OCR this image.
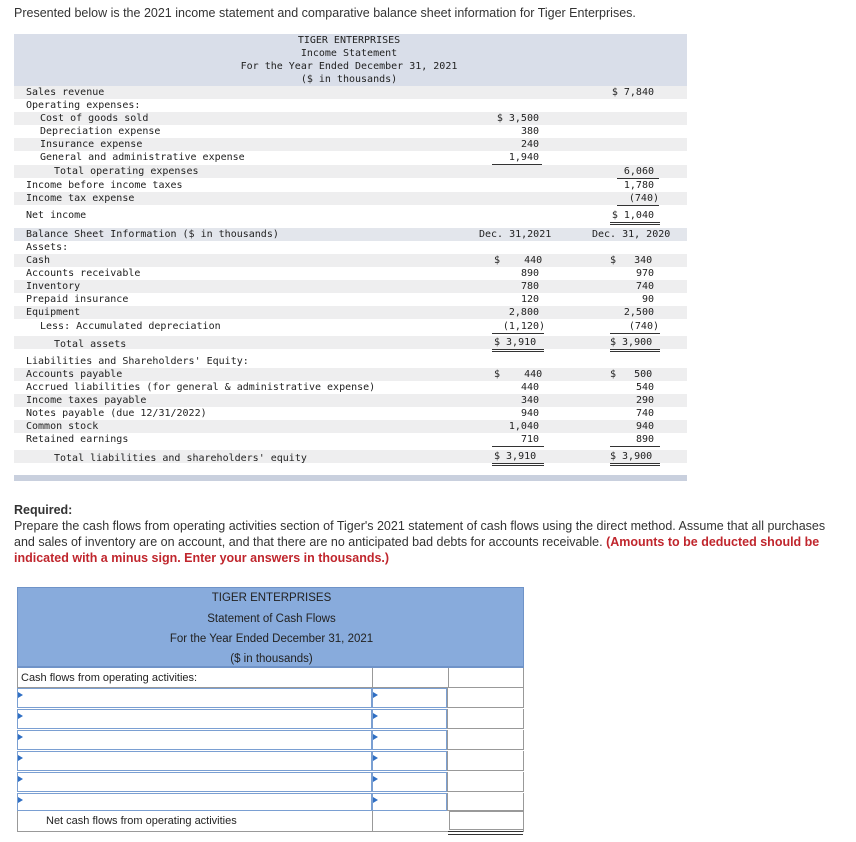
Presented below is the 2021 income statement and comparative balance sheet information for Tiger Enterprises.
TIGER ENTERPRISES
Income Statement
For the Year Ended December 31, 2021
($ in thousands)
Sales revenue	$ 7,840
Operating expenses:
Cost of goods sold	$ 3,500
Depreciation expense	380
Insurance expense	240
General and administrative expense	1,940
Total operating expenses	6,060
Income before income taxes	1,780
Income tax expense	(740)
Net income	$ 1,040
Balance Sheet Information ($ in thousands)	Dec. 31,2021	Dec. 31, 2020
Assets:
Cash	$    440	$   340
Accounts receivable	890	970
Inventory	780	740
Prepaid insurance	120	90
Equipment	2,800	2,500
Less: Accumulated depreciation	(1,120)	(740)
Total assets	$ 3,910	$ 3,900
Liabilities and Shareholders' Equity:
Accounts payable	$    440	$   500
Accrued liabilities (for general & administrative expense)	440	540
Income taxes payable	340	290
Notes payable (due 12/31/2022)	940	740
Common stock	1,040	940
Retained earnings	710	890
Total liabilities and shareholders' equity	$ 3,910	$ 3,900
Required:
Prepare the cash flows from operating activities section of Tiger's 2021 statement of cash flows using the direct method. Assume that all purchases and sales of inventory are on account, and that there are no anticipated bad debts for accounts receivable. (Amounts to be deducted should be indicated with a minus sign. Enter your answers in thousands.)
TIGER ENTERPRISES
Statement of Cash Flows
For the Year Ended December 31, 2021
($ in thousands)
Cash flows from operating activities:
Net cash flows from operating activities
